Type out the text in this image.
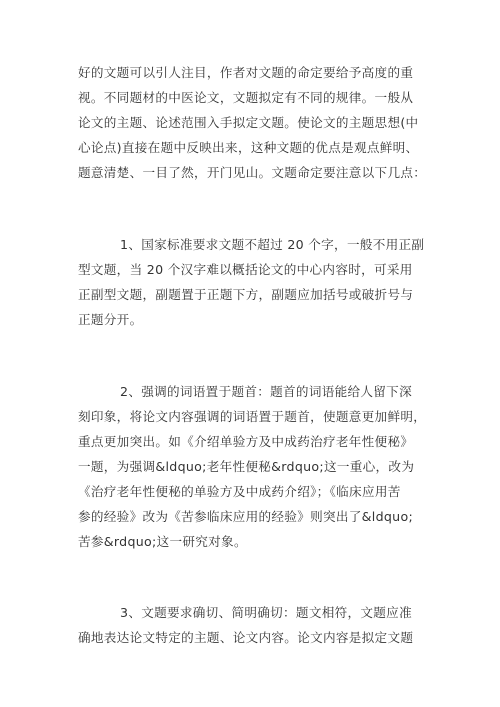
好的文题可以引人注目，作者对文题的命定要给予高度的重
视。不同题材的中医论文，文题拟定有不同的规律。一般从
论文的主题、论述范围入手拟定文题。使论文的主题思想(中
心论点)直接在题中反映出来，这种文题的优点是观点鲜明、
题意清楚、一目了然，开门见山。文题命定要注意以下几点：
1、国家标准要求文题不超过 20 个字，一般不用正副
型文题，当 20 个汉字难以概括论文的中心内容时，可采用
正副型文题，副题置于正题下方，副题应加括号或破折号与
正题分开。
2、强调的词语置于题首：题首的词语能给人留下深
刻印象，将论文内容强调的词语置于题首，使题意更加鲜明，
重点更加突出。如《介绍单验方及中成药治疗老年性便秘》
一题，为强调&ldquo;老年性便秘&rdquo;这一重心，改为
《治疗老年性便秘的单验方及中成药介绍》；《临床应用苦
参的经验》改为《苦参临床应用的经验》则突出了&ldquo;
苦参&rdquo;这一研究对象。
3、文题要求确切、简明确切：题文相符，文题应准
确地表达论文特定的主题、论文内容。论文内容是拟定文题
